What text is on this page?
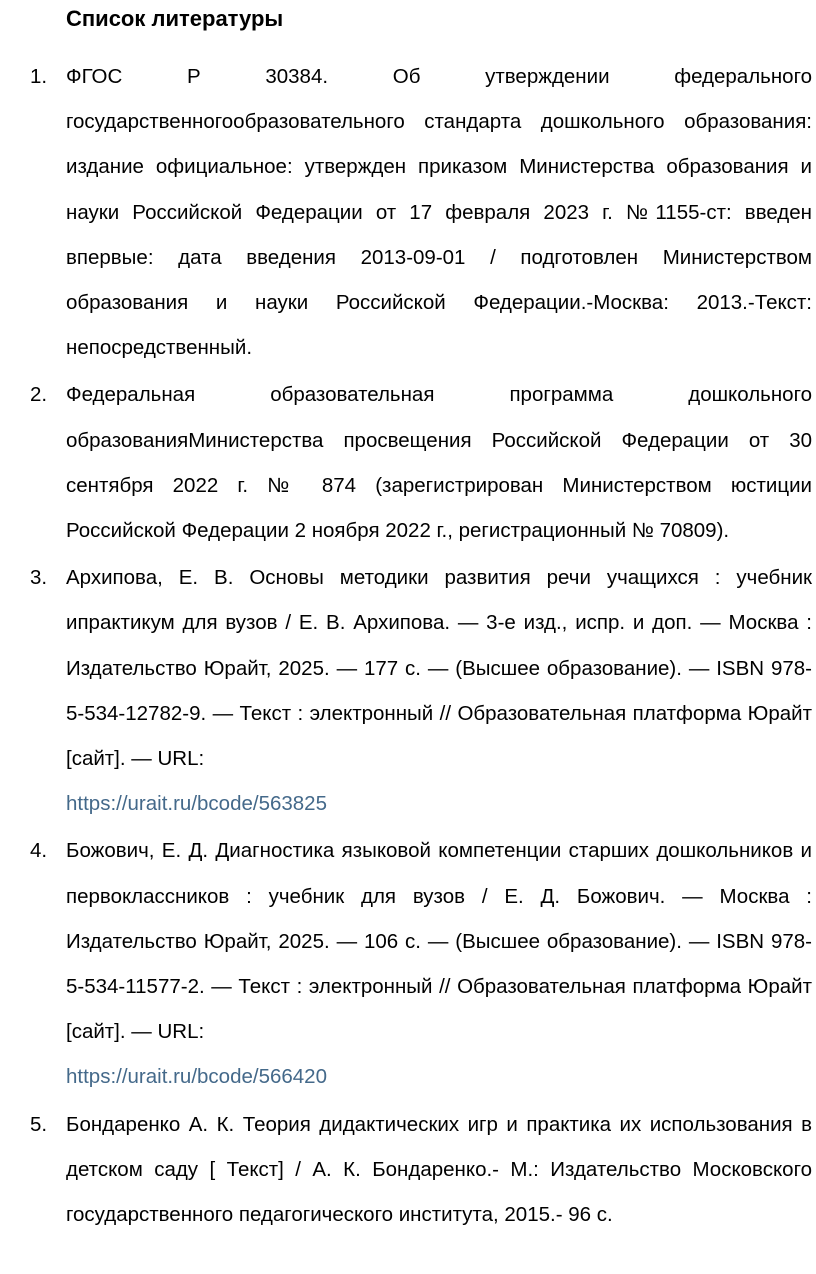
Список литературы
1. ФГОС Р 30384. Об утверждении федерального государственногообразовательного стандарта дошкольного образования: издание официальное: утвержден приказом Министерства образования и науки Российской Федерации от 17 февраля 2023 г. №1155-ст: введен впервые: дата введения 2013-09-01 / подготовлен Министерством образования и науки Российской Федерации.-Москва: 2013.-Текст: непосредственный.
2. Федеральная образовательная программа дошкольного образованияМинистерства просвещения Российской Федерации от 30 сентября 2022 г. № 874 (зарегистрирован Министерством юстиции Российской Федерации 2 ноября 2022 г., регистрационный № 70809).
3. Архипова, Е. В. Основы методики развития речи учащихся : учебник ипрактикум для вузов / Е. В. Архипова. — 3-е изд., испр. и доп. — Москва : Издательство Юрайт, 2025. — 177 с. — (Высшее образование). — ISBN 978-5-534-12782-9. — Текст : электронный // Образовательная платформа Юрайт [сайт]. — URL:
https://urait.ru/bcode/563825
4. Божович, Е. Д. Диагностика языковой компетенции старших дошкольников и первоклассников : учебник для вузов / Е. Д. Божович. — Москва : Издательство Юрайт, 2025. — 106 с. — (Высшее образование). — ISBN 978-5-534-11577-2. — Текст : электронный // Образовательная платформа Юрайт [сайт]. — URL:
https://urait.ru/bcode/566420
5. Бондаренко А. К. Теория дидактических игр и практика их использования в детском саду [ Текст] / А. К. Бондаренко.- М.: Издательство Московского государственного педагогического института, 2015.- 96 с.
